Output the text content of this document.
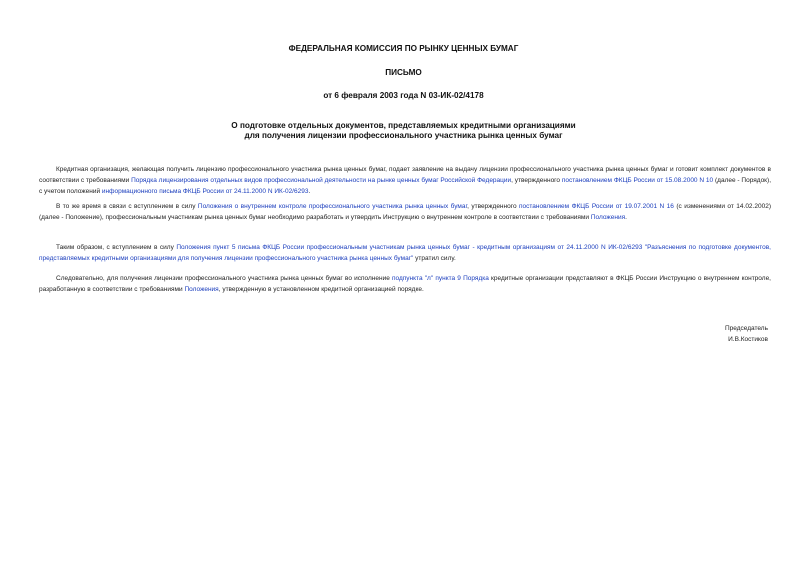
ФЕДЕРАЛЬНАЯ КОМИССИЯ ПО РЫНКУ ЦЕННЫХ БУМАГ
ПИСЬМО
от 6 февраля 2003 года N 03-ИК-02/4178
О подготовке отдельных документов, представляемых кредитными организациями
для получения лицензии профессионального участника рынка ценных бумаг

Кредитная организация, желающая получить лицензию профессионального участника рынка ценных бумаг, подает заявление на выдачу лицензии профессионального участника рынка ценных бумаг и готовит комплект документов в соответствии с требованиями Порядка лицензирования отдельных видов профессиональной деятельности на рынке ценных бумаг Российской Федерации, утвержденного постановлением ФКЦБ России от 15.08.2000 N 10 (далее - Порядок), с учетом положений информационного письма ФКЦБ России от 24.11.2000 N ИК-02/6293.

В то же время в связи с вступлением в силу Положения о внутреннем контроле профессионального участника рынка ценных бумаг, утвержденного постановлением ФКЦБ России от 19.07.2001 N 16 (с изменениями от 14.02.2002) (далее - Положение), профессиональным участникам рынка ценных бумаг необходимо разработать и утвердить Инструкцию о внутреннем контроле в соответствии с требованиями Положения.

Таким образом, с вступлением в силу Положения пункт 5 письма ФКЦБ России профессиональным участникам рынка ценных бумаг - кредитным организациям от 24.11.2000 N ИК-02/6293 "Разъяснения по подготовке документов, представляемых кредитными организациями для получения лицензии профессионального участника рынка ценных бумаг" утратил силу.

Следовательно, для получения лицензии профессионального участника рынка ценных бумаг во исполнение подпункта "л" пункта 9 Порядка кредитные организации представляют в ФКЦБ России Инструкцию о внутреннем контроле, разработанную в соответствии с требованиями Положения, утвержденную в установленном кредитной организацией порядке.

Председатель
И.В.Костиков
